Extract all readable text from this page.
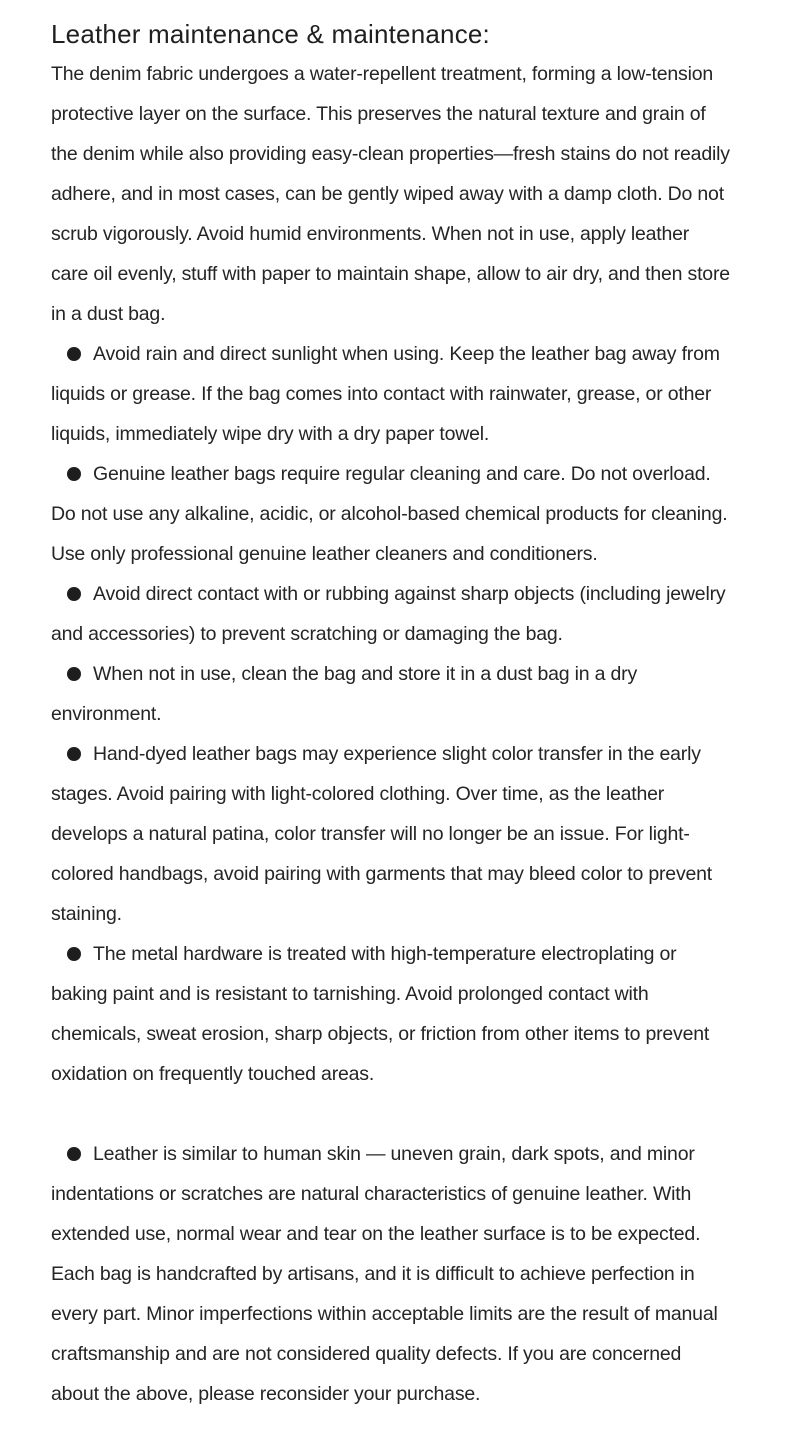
Leather maintenance & maintenance:

The denim fabric undergoes a water-repellent treatment, forming a low-tension protective layer on the surface. This preserves the natural texture and grain of the denim while also providing easy-clean properties—fresh stains do not readily adhere, and in most cases, can be gently wiped away with a damp cloth. Do not scrub vigorously. Avoid humid environments. When not in use, apply leather care oil evenly, stuff with paper to maintain shape, allow to air dry, and then store in a dust bag.

Avoid rain and direct sunlight when using. Keep the leather bag away from liquids or grease. If the bag comes into contact with rainwater, grease, or other liquids, immediately wipe dry with a dry paper towel.

Genuine leather bags require regular cleaning and care. Do not overload. Do not use any alkaline, acidic, or alcohol-based chemical products for cleaning. Use only professional genuine leather cleaners and conditioners.

Avoid direct contact with or rubbing against sharp objects (including jewelry and accessories) to prevent scratching or damaging the bag.

When not in use, clean the bag and store it in a dust bag in a dry environment.

Hand-dyed leather bags may experience slight color transfer in the early stages. Avoid pairing with light-colored clothing. Over time, as the leather develops a natural patina, color transfer will no longer be an issue. For light-colored handbags, avoid pairing with garments that may bleed color to prevent staining.

The metal hardware is treated with high-temperature electroplating or baking paint and is resistant to tarnishing. Avoid prolonged contact with chemicals, sweat erosion, sharp objects, or friction from other items to prevent oxidation on frequently touched areas.

Leather is similar to human skin — uneven grain, dark spots, and minor indentations or scratches are natural characteristics of genuine leather. With extended use, normal wear and tear on the leather surface is to be expected. Each bag is handcrafted by artisans, and it is difficult to achieve perfection in every part. Minor imperfections within acceptable limits are the result of manual craftsmanship and are not considered quality defects. If you are concerned about the above, please reconsider your purchase.
